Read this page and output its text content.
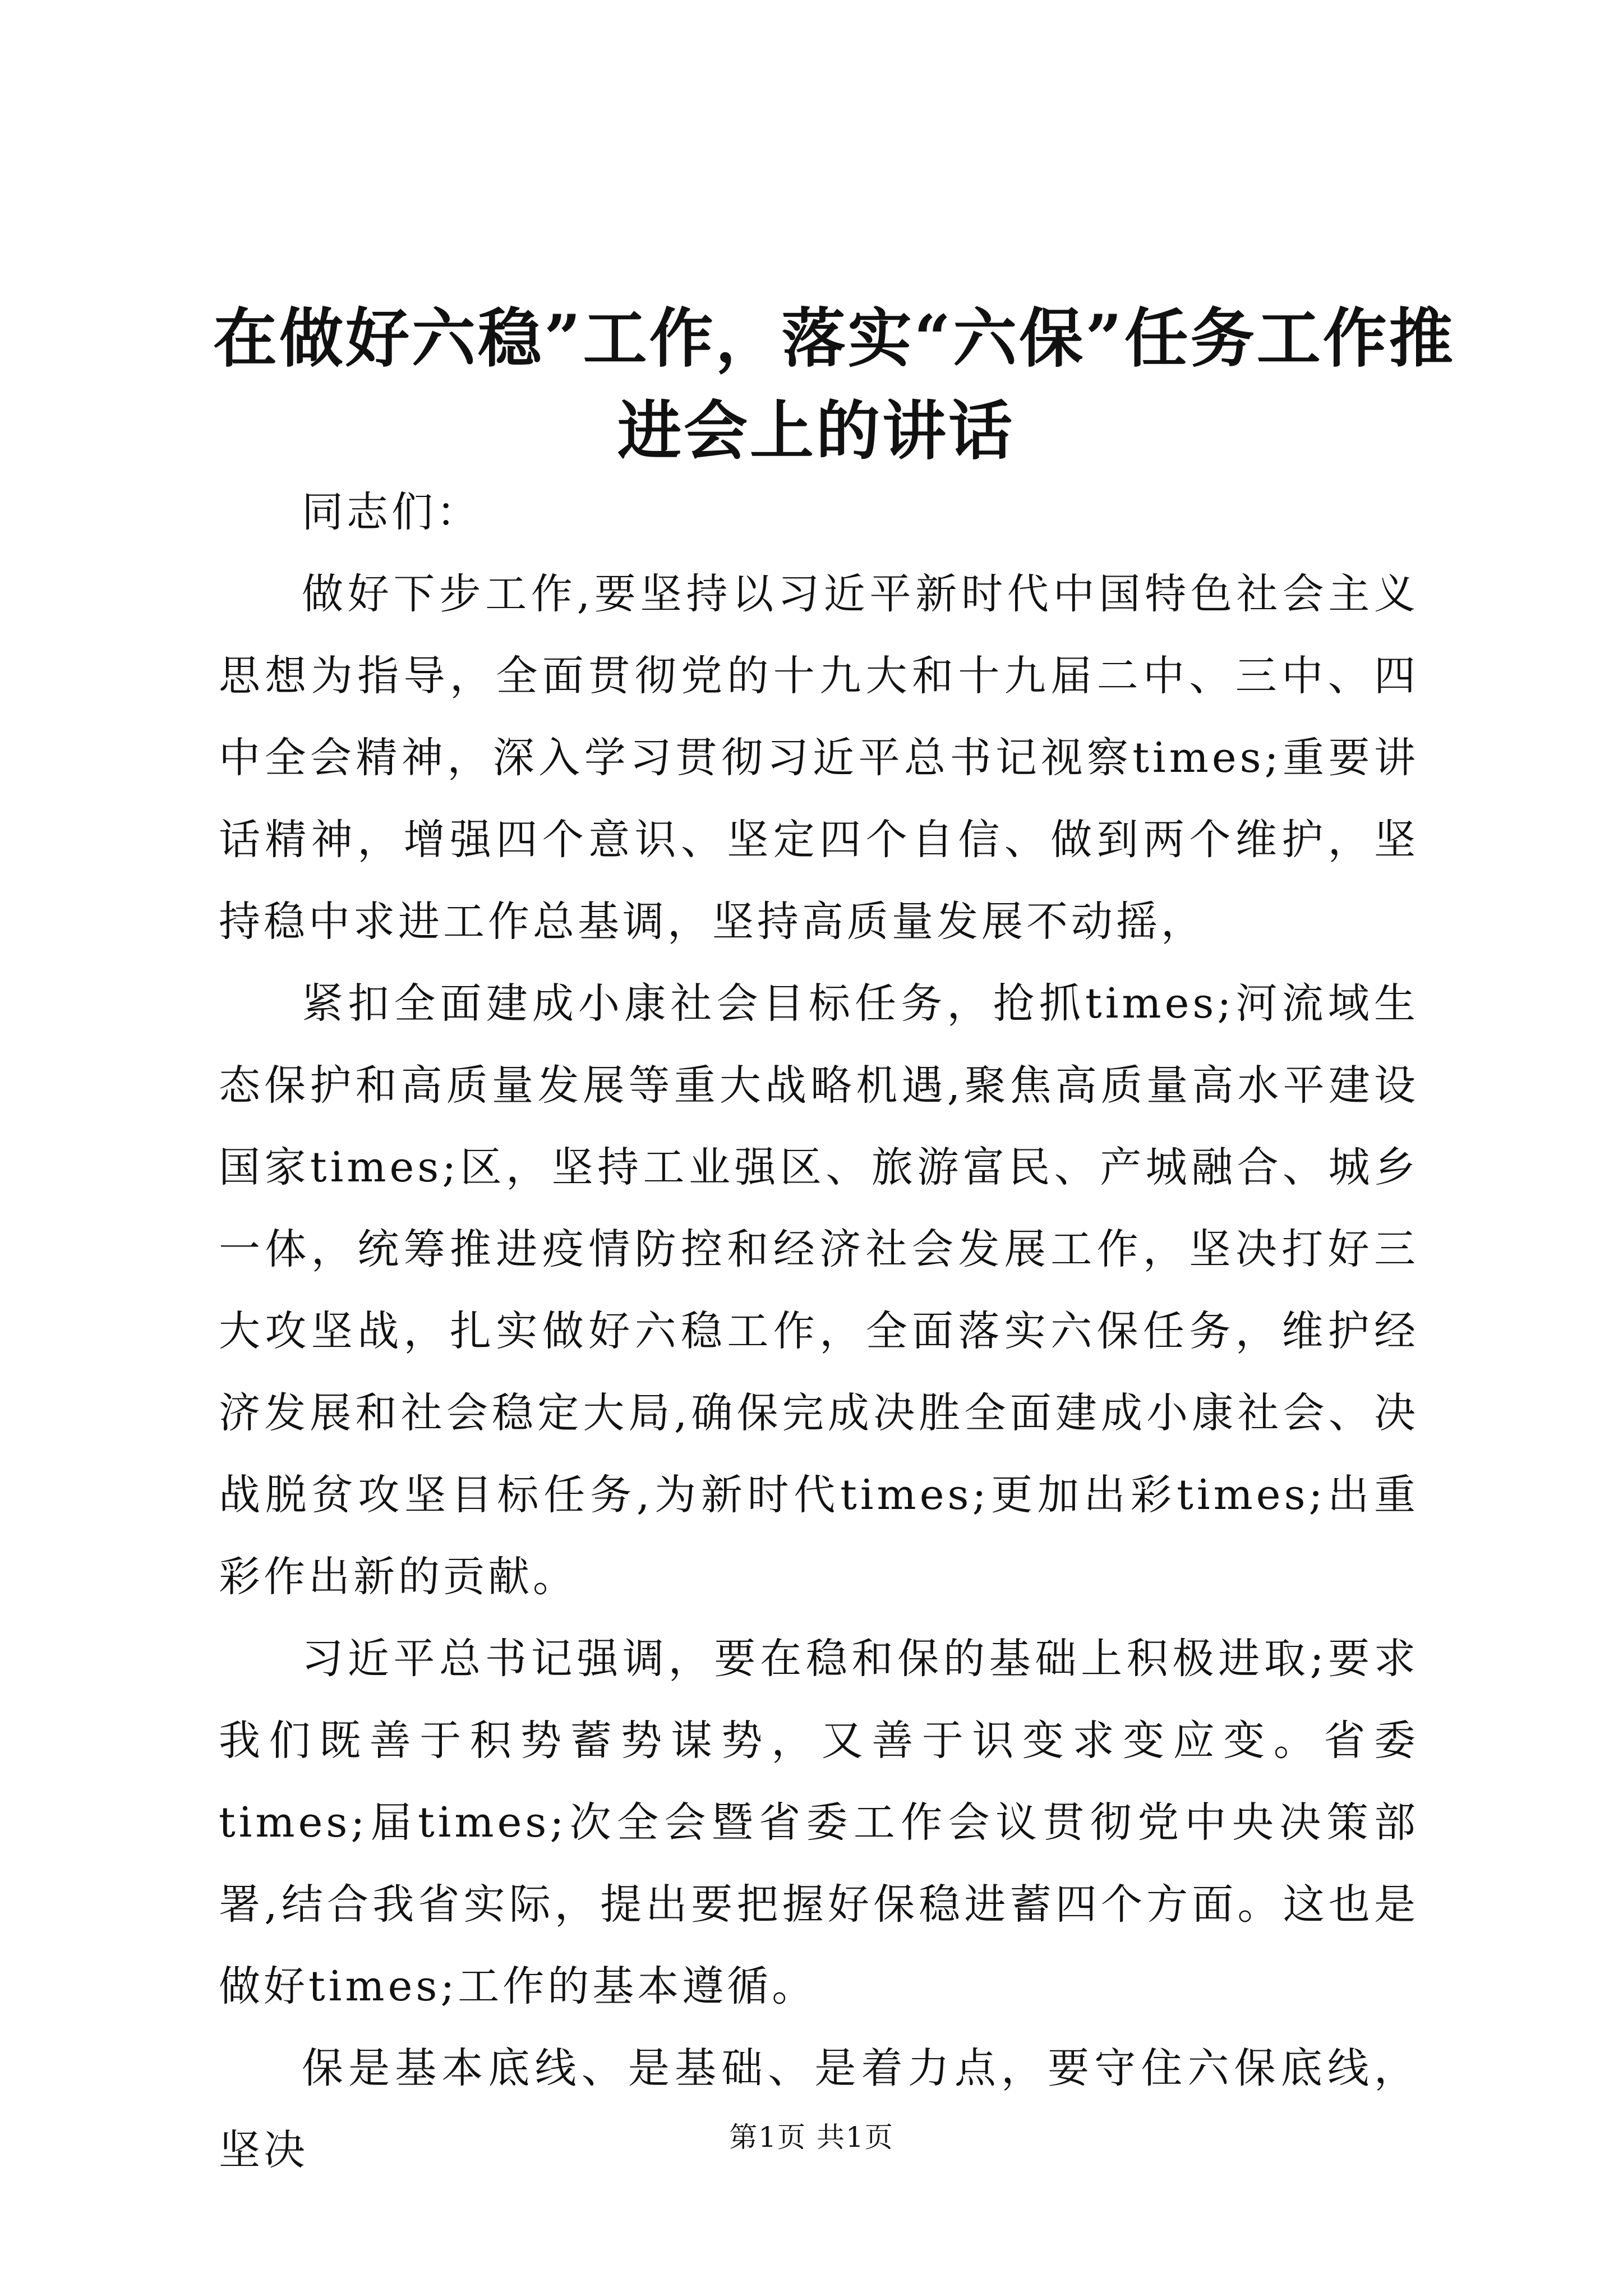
在做好六稳”工作，落实“六保”任务工作推
进会上的讲话

同志们：

做好下步工作,要坚持以习近平新时代中国特色社会主义思想为指导，全面贯彻党的十九大和十九届二中、三中、四中全会精神，深入学习贯彻习近平总书记视察times;重要讲话精神，增强四个意识、坚定四个自信、做到两个维护，坚持稳中求进工作总基调，坚持高质量发展不动摇，

紧扣全面建成小康社会目标任务，抢抓times;河流域生态保护和高质量发展等重大战略机遇,聚焦高质量高水平建设国家times;区，坚持工业强区、旅游富民、产城融合、城乡一体，统筹推进疫情防控和经济社会发展工作，坚决打好三大攻坚战，扎实做好六稳工作，全面落实六保任务，维护经济发展和社会稳定大局,确保完成决胜全面建成小康社会、决战脱贫攻坚目标任务,为新时代times;更加出彩times;出重彩作出新的贡献。

习近平总书记强调，要在稳和保的基础上积极进取;要求我们既善于积势蓄势谋势，又善于识变求变应变。省委times;届times;次全会暨省委工作会议贯彻党中央决策部署,结合我省实际，提出要把握好保稳进蓄四个方面。这也是做好times;工作的基本遵循。

保是基本底线、是基础、是着力点，要守住六保底线，坚决	第1页 共1页
